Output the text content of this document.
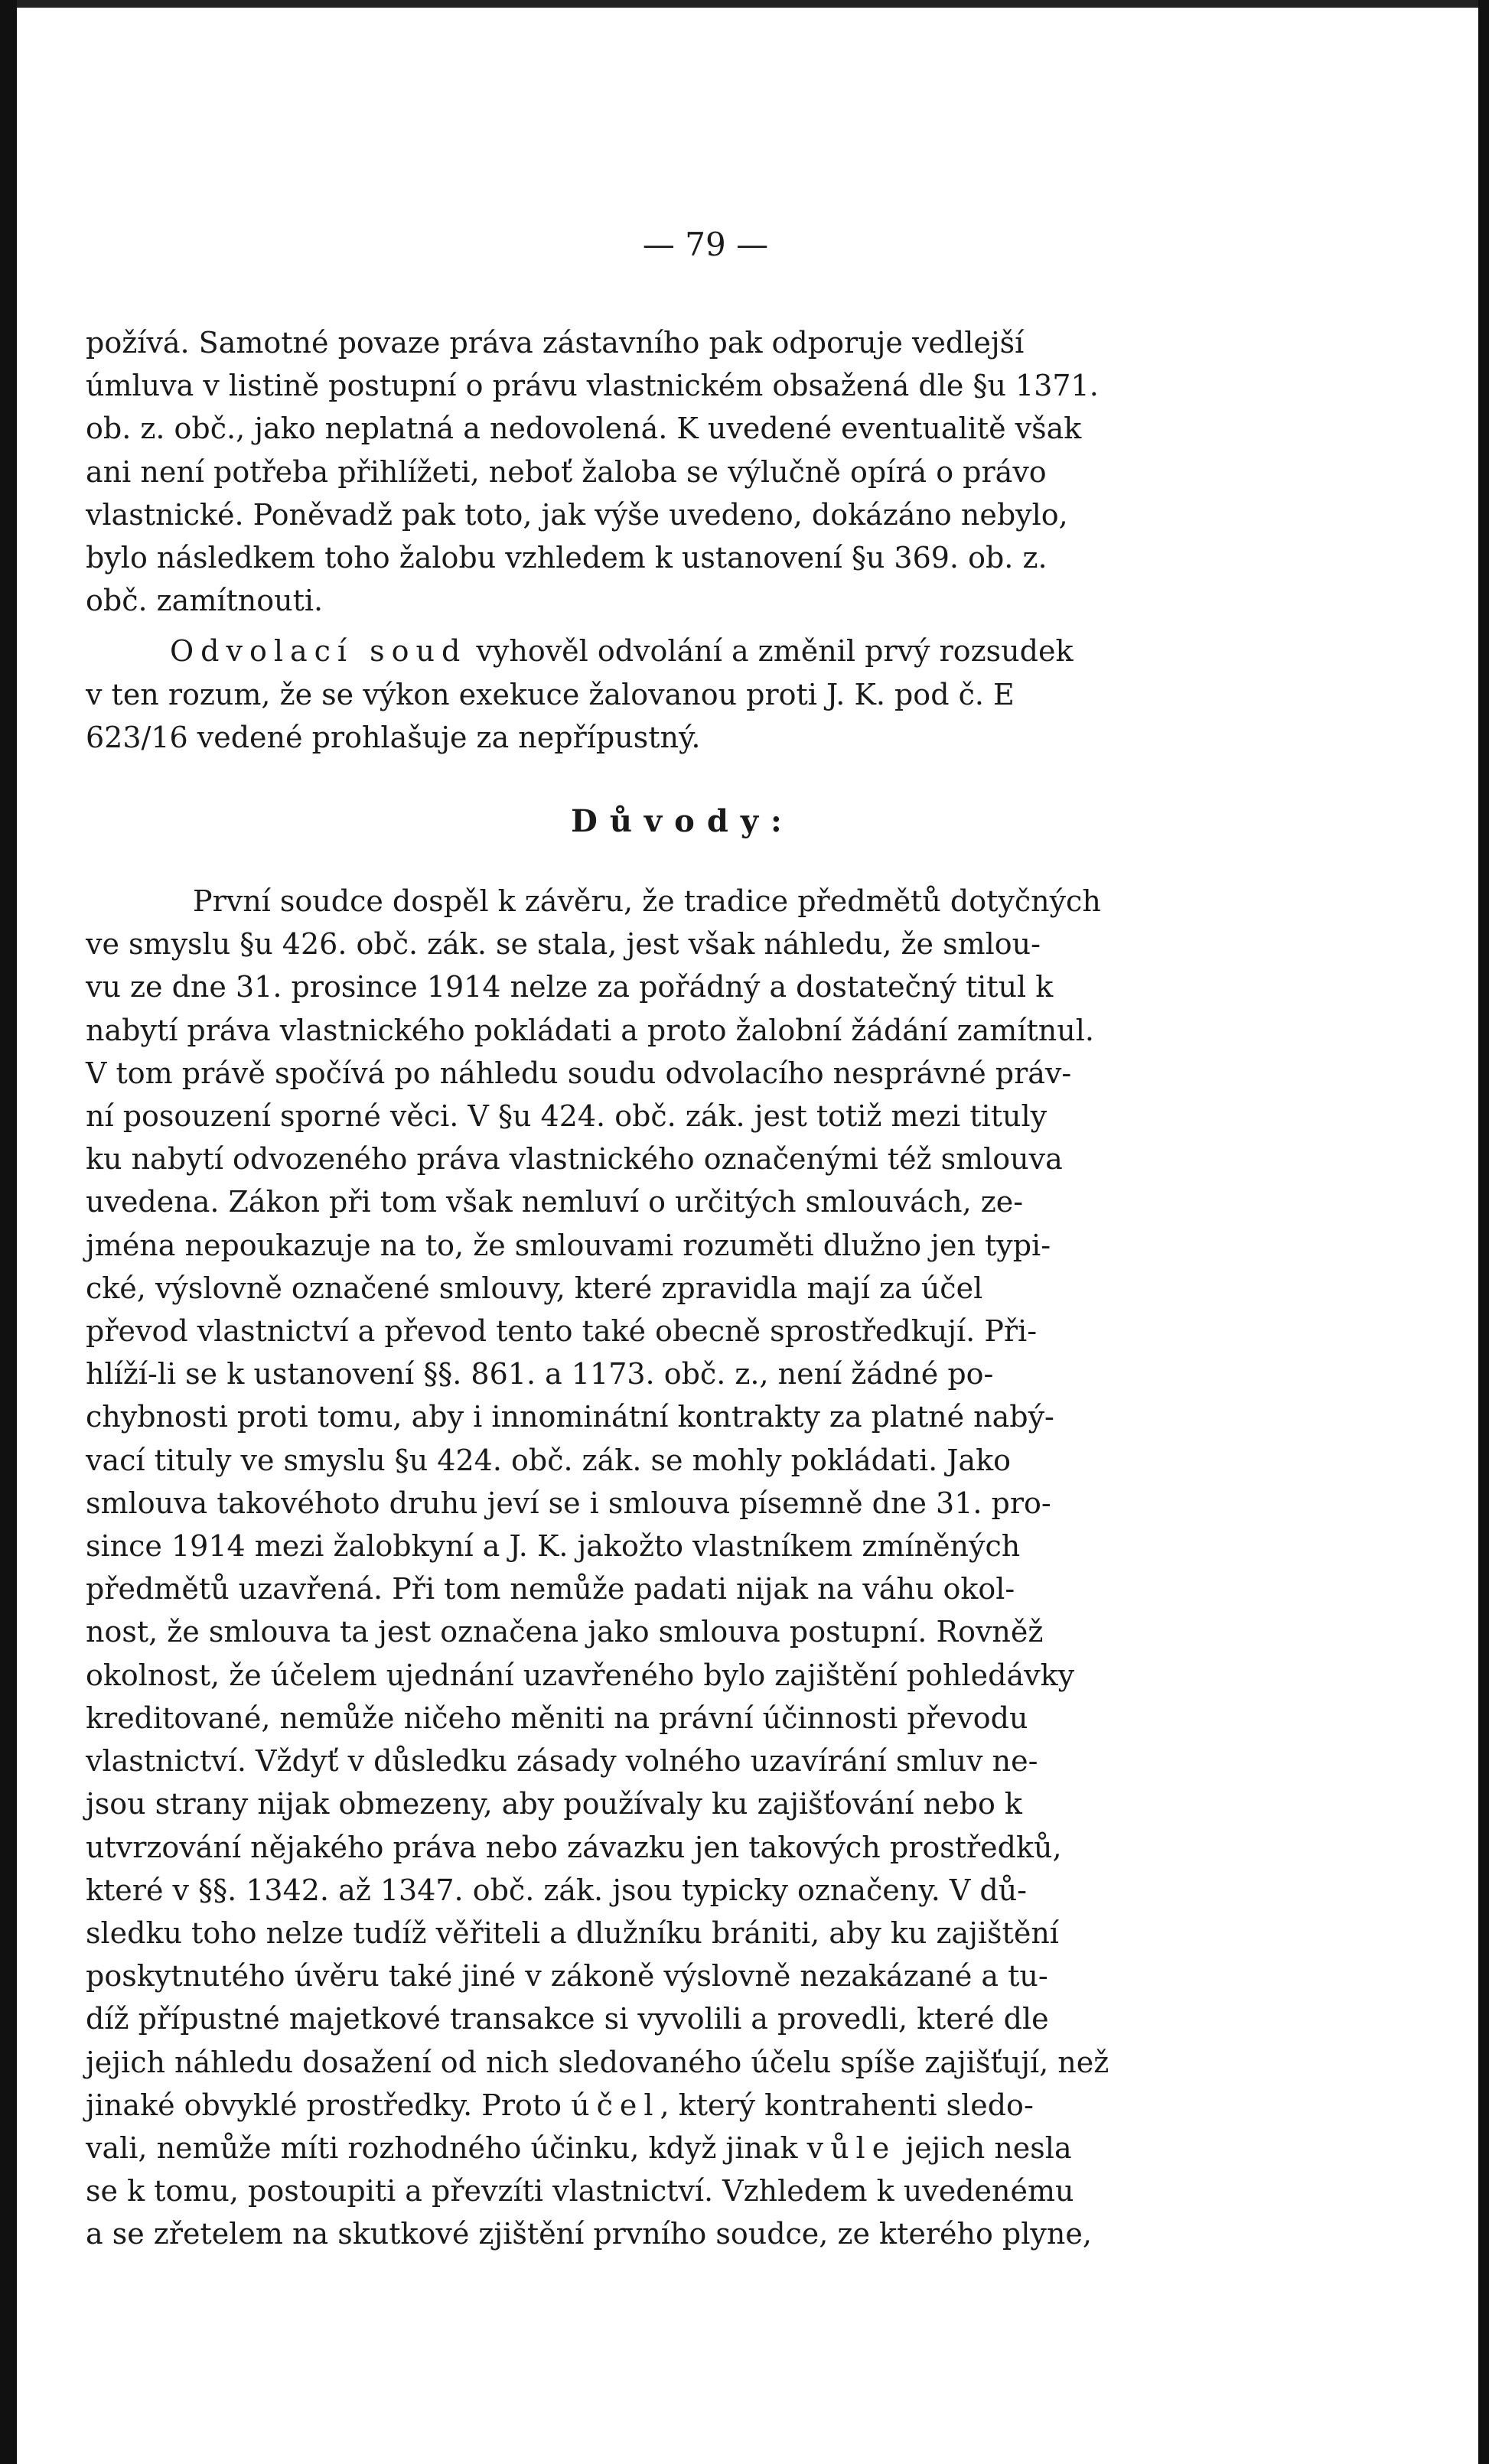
— 79 —

požívá. Samotné povaze práva zástavního pak odporuje vedlejší
úmluva v listině postupní o právu vlastnickém obsažená dle §u 1371.
ob. z. obč., jako neplatná a nedovolená. K uvedené eventualitě však
ani není potřeba přihlížeti, neboť žaloba se výlučně opírá o právo
vlastnické. Poněvadž pak toto, jak výše uvedeno, dokázáno nebylo,
bylo následkem toho žalobu vzhledem k ustanovení §u 369. ob. z.
obč. zamítnouti.

Odvolací soud vyhověl odvolání a změnil prvý rozsudek
v ten rozum, že se výkon exekuce žalovanou proti J. K. pod č. E
623/16 vedené prohlašuje za nepřípustný.

Důvody:

První soudce dospěl k závěru, že tradice předmětů dotyčných
ve smyslu §u 426. obč. zák. se stala, jest však náhledu, že smlou-
vu ze dne 31. prosince 1914 nelze za pořádný a dostatečný titul k
nabytí práva vlastnického pokládati a proto žalobní žádání zamítnul.
V tom právě spočívá po náhledu soudu odvolacího nesprávné práv-
ní posouzení sporné věci. V §u 424. obč. zák. jest totiž mezi tituly
ku nabytí odvozeného práva vlastnického označenými též smlouva
uvedena. Zákon při tom však nemluví o určitých smlouvách, ze-
jména nepoukazuje na to, že smlouvami rozuměti dlužno jen typi-
cké, výslovně označené smlouvy, které zpravidla mají za účel
převod vlastnictví a převod tento také obecně sprostředkují. Při-
hlíží-li se k ustanovení §§. 861. a 1173. obč. z., není žádné po-
chybnosti proti tomu, aby i innominátní kontrakty za platné nabý-
vací tituly ve smyslu §u 424. obč. zák. se mohly pokládati. Jako
smlouva takovéhoto druhu jeví se i smlouva písemně dne 31. pro-
since 1914 mezi žalobkyní a J. K. jakožto vlastníkem zmíněných
předmětů uzavřená. Při tom nemůže padati nijak na váhu okol-
nost, že smlouva ta jest označena jako smlouva postupní. Rovněž
okolnost, že účelem ujednání uzavřeného bylo zajištění pohledávky
kreditované, nemůže ničeho měniti na právní účinnosti převodu
vlastnictví. Vždyť v důsledku zásady volného uzavírání smluv ne-
jsou strany nijak obmezeny, aby používaly ku zajišťování nebo k
utvrzování nějakého práva nebo závazku jen takových prostředků,
které v §§. 1342. až 1347. obč. zák. jsou typicky označeny. V dů-
sledku toho nelze tudíž věřiteli a dlužníku brániti, aby ku zajištění
poskytnutého úvěru také jiné v zákoně výslovně nezakázané a tu-
díž přípustné majetkové transakce si vyvolili a provedli, které dle
jejich náhledu dosažení od nich sledovaného účelu spíše zajišťují, než
jinaké obvyklé prostředky. Proto účel, který kontrahenti sledo-
vali, nemůže míti rozhodného účinku, když jinak vůle jejich nesla
se k tomu, postoupiti a převzíti vlastnictví. Vzhledem k uvedenému
a se zřetelem na skutkové zjištění prvního soudce, ze kterého plyne,
